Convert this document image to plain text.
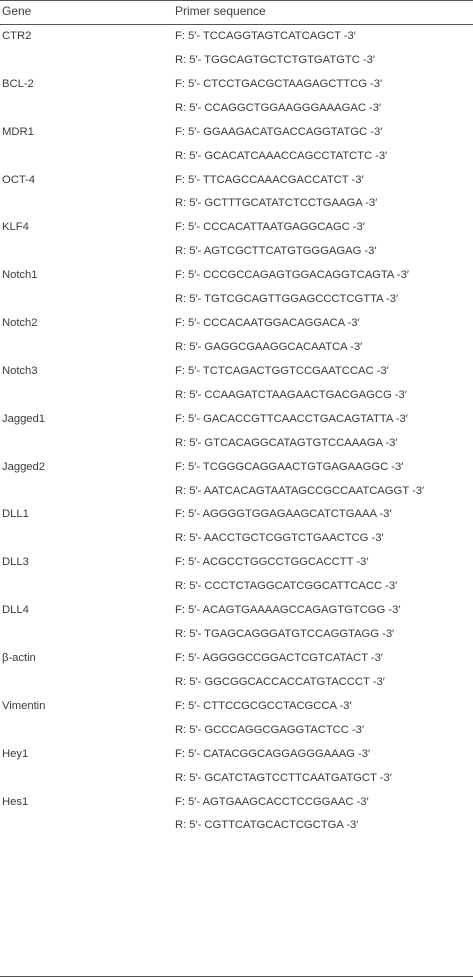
Gene	Primer sequence
CTR2	F: 5′- TCCAGGTAGTCATCAGCT -3′
R: 5′- TGGCAGTGCTCTGTGATGTC -3′
BCL-2	F: 5′- CTCCTGACGCTAAGAGCTTCG -3'
R: 5′- CCAGGCTGGAAGGGAAAGAC -3′
MDR1	F: 5′- GGAAGACATGACCAGGTATGC -3′
R: 5′- GCACATCAAACCAGCCTATCTC -3′
OCT-4	F: 5′- TTCAGCCAAACGACCATCT -3′
R: 5′- GCTTTGCATATCTCCTGAAGA -3′
KLF4	F: 5′- CCCACATTAATGAGGCAGC -3′
R: 5′- AGTCGCTTCATGTGGGAGAG -3′
Notch1	F: 5′- CCCGCCAGAGTGGACAGGTCAGTA -3′
R: 5′- TGTCGCAGTTGGAGCCCTCGTTA -3′
Notch2	F: 5′- CCCACAATGGACAGGACA -3′
R: 5′- GAGGCGAAGGCACAATCA -3′
Notch3	F: 5′- TCTCAGACTGGTCCGAATCCAC -3′
R: 5′- CCAAGATCTAAGAACTGACGAGCG -3′
Jagged1	F: 5′- GACACCGTTCAACCTGACAGTATTA -3′
R: 5′- GTCACAGGCATAGTGTCCAAAGA -3′
Jagged2	F: 5′- TCGGGCAGGAACTGTGAGAAGGC -3′
R: 5′- AATCACAGTAATAGCCGCCAATCAGGT -3′
DLL1	F: 5′- AGGGGTGGAGAAGCATCTGAAA -3′
R: 5′- AACCTGCTCGGTCTGAACTCG -3′
DLL3	F: 5′- ACGCCTGGCCTGGCACCTT -3′
R: 5′- CCCTCTAGGCATCGGCATTCACC -3′
DLL4	F: 5′- ACAGTGAAAAGCCAGAGTGTCGG -3′
R: 5′- TGAGCAGGGATGTCCAGGTAGG -3′
β-actin	F: 5′- AGGGGCCGGACTCGTCATACT -3′
R: 5′- GGCGGCACCACCATGTACCCT -3′
Vimentin	F: 5′- CTTCCGCGCCTACGCCA -3′
R: 5′- GCCCAGGCGAGGTACTCC -3′
Hey1	F: 5′- CATACGGCAGGAGGGAAAG -3′
R: 5′- GCATCTAGTCCTTCAATGATGCT -3′
Hes1	F: 5′- AGTGAAGCACCTCCGGAAC -3′
R: 5′- CGTTCATGCACTCGCTGA -3′
